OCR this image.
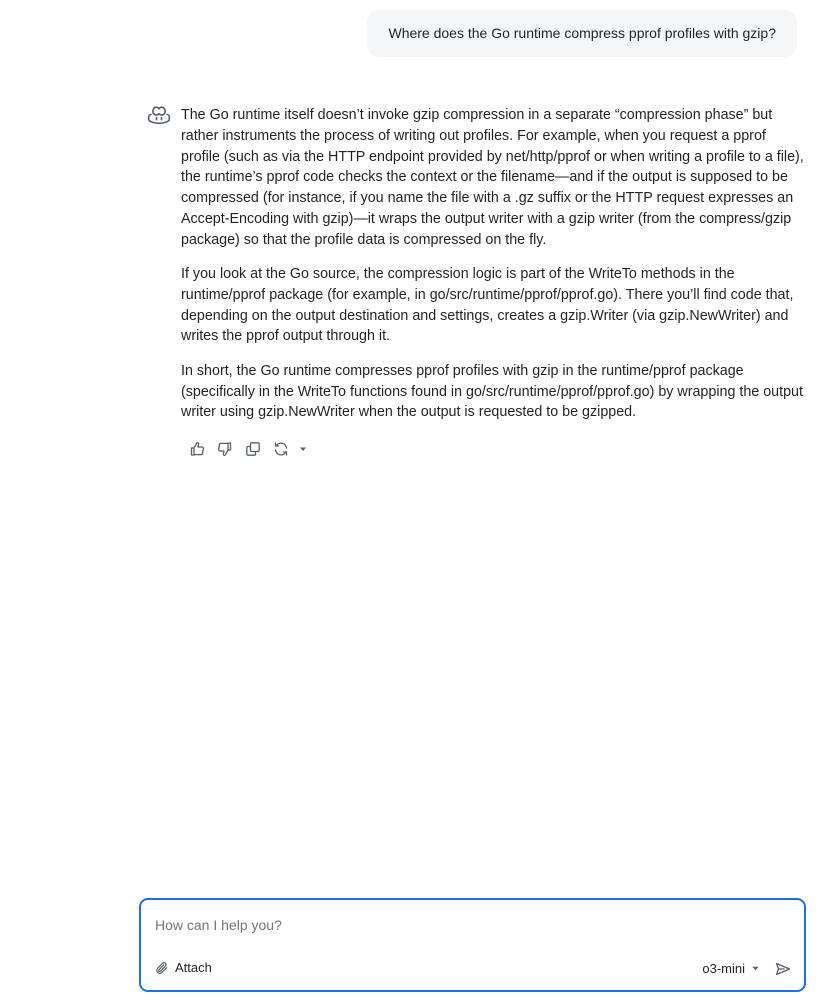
Where does the Go runtime compress pprof profiles with gzip?

The Go runtime itself doesn’t invoke gzip compression in a separate “compression phase” but rather instruments the process of writing out profiles. For example, when you request a pprof profile (such as via the HTTP endpoint provided by net/http/pprof or when writing a profile to a file), the runtime’s pprof code checks the context or the filename—and if the output is supposed to be compressed (for instance, if you name the file with a .gz suffix or the HTTP request expresses an Accept-Encoding with gzip)—it wraps the output writer with a gzip writer (from the compress/gzip package) so that the profile data is compressed on the fly.

If you look at the Go source, the compression logic is part of the WriteTo methods in the runtime/pprof package (for example, in go/src/runtime/pprof/pprof.go). There you’ll find code that, depending on the output destination and settings, creates a gzip.Writer (via gzip.NewWriter) and writes the pprof output through it.

In short, the Go runtime compresses pprof profiles with gzip in the runtime/pprof package (specifically in the WriteTo functions found in go/src/runtime/pprof/pprof.go) by wrapping the output writer using gzip.NewWriter when the output is requested to be gzipped.

How can I help you?
Attach	o3-mini
